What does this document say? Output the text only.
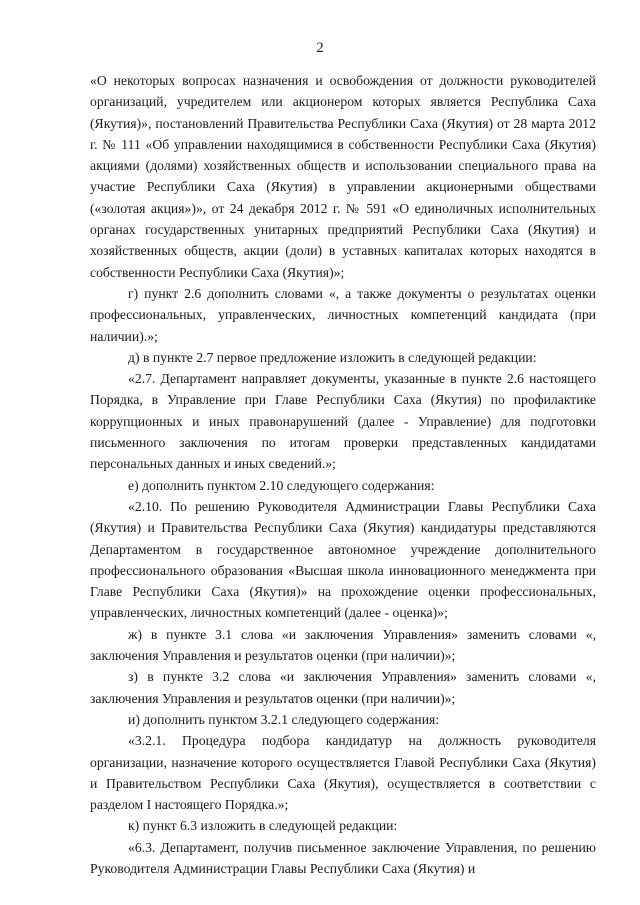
2

«О некоторых вопросах назначения и освобождения от должности руководителей организаций, учредителем или акционером которых является Республика Саха (Якутия)», постановлений Правительства Республики Саха (Якутия) от 28 марта 2012 г. № 111 «Об управлении находящимися в собственности Республики Саха (Якутия) акциями (долями) хозяйственных обществ и использовании специального права на участие Республики Саха (Якутия) в управлении акционерными обществами («золотая акция»)», от 24 декабря 2012 г. № 591 «О единоличных исполнительных органах государственных унитарных предприятий Республики Саха (Якутия) и хозяйственных обществ, акции (доли) в уставных капиталах которых находятся в собственности Республики Саха (Якутия)»;

г) пункт 2.6 дополнить словами «, а также документы о результатах оценки профессиональных, управленческих, личностных компетенций кандидата (при наличии).»;

д) в пункте 2.7 первое предложение изложить в следующей редакции:

«2.7. Департамент направляет документы, указанные в пункте 2.6 настоящего Порядка, в Управление при Главе Республики Саха (Якутия) по профилактике коррупционных и иных правонарушений (далее - Управление) для подготовки письменного заключения по итогам проверки представленных кандидатами персональных данных и иных сведений.»;

е) дополнить пунктом 2.10 следующего содержания:

«2.10. По решению Руководителя Администрации Главы Республики Саха (Якутия) и Правительства Республики Саха (Якутия) кандидатуры представляются Департаментом в государственное автономное учреждение дополнительного профессионального образования «Высшая школа инновационного менеджмента при Главе Республики Саха (Якутия)» на прохождение оценки профессиональных, управленческих, личностных компетенций (далее - оценка)»;

ж) в пункте 3.1 слова «и заключения Управления» заменить словами «, заключения Управления и результатов оценки (при наличии)»;

з) в пункте 3.2 слова «и заключения Управления» заменить словами «, заключения Управления и результатов оценки (при наличии)»;

и) дополнить пунктом 3.2.1 следующего содержания:

«3.2.1. Процедура подбора кандидатур на должность руководителя организации, назначение которого осуществляется Главой Республики Саха (Якутия) и Правительством Республики Саха (Якутия), осуществляется в соответствии с разделом I настоящего Порядка.»;

к) пункт 6.3 изложить в следующей редакции:

«6.3. Департамент, получив письменное заключение Управления, по решению Руководителя Администрации Главы Республики Саха (Якутия) и
